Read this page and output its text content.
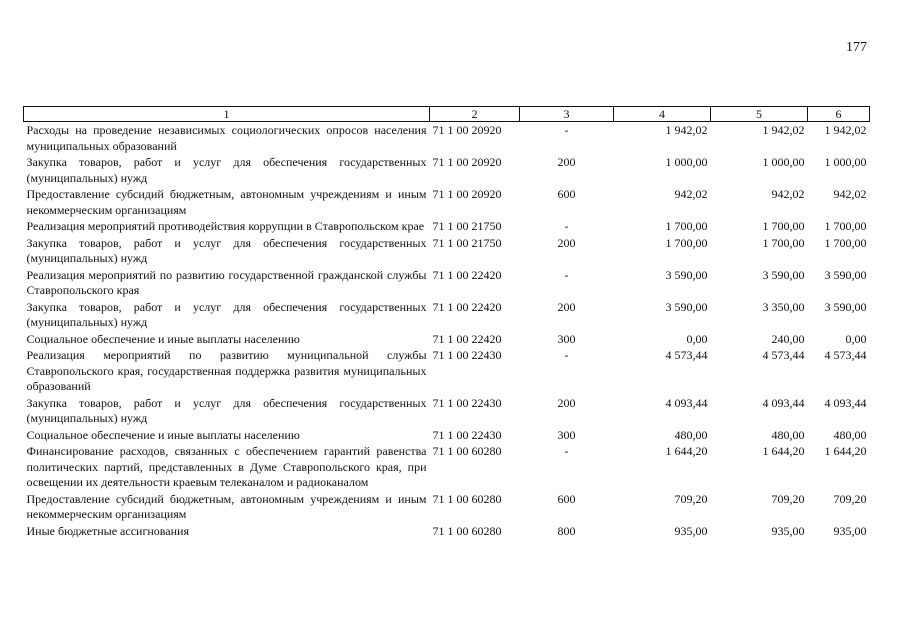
177
1	2	3	4	5	6
Расходы на проведение независимых социологических опросов населения муниципальных образований	71 1 00 20920	-	1 942,02	1 942,02	1 942,02
Закупка товаров, работ и услуг для обеспечения государственных (муниципальных) нужд	71 1 00 20920	200	1 000,00	1 000,00	1 000,00
Предоставление субсидий бюджетным, автономным учреждениям и иным некоммерческим организациям	71 1 00 20920	600	942,02	942,02	942,02
Реализация мероприятий противодействия коррупции в Ставропольском крае	71 1 00 21750	-	1 700,00	1 700,00	1 700,00
Закупка товаров, работ и услуг для обеспечения государственных (муниципальных) нужд	71 1 00 21750	200	1 700,00	1 700,00	1 700,00
Реализация мероприятий по развитию государственной гражданской службы Ставропольского края	71 1 00 22420	-	3 590,00	3 590,00	3 590,00
Закупка товаров, работ и услуг для обеспечения государственных (муниципальных) нужд	71 1 00 22420	200	3 590,00	3 350,00	3 590,00
Социальное обеспечение и иные выплаты населению	71 1 00 22420	300	0,00	240,00	0,00
Реализация мероприятий по развитию муниципальной службы Ставропольского края, государственная поддержка развития муниципальных образований	71 1 00 22430	-	4 573,44	4 573,44	4 573,44
Закупка товаров, работ и услуг для обеспечения государственных (муниципальных) нужд	71 1 00 22430	200	4 093,44	4 093,44	4 093,44
Социальное обеспечение и иные выплаты населению	71 1 00 22430	300	480,00	480,00	480,00
Финансирование расходов, связанных с обеспечением гарантий равенства политических партий, представленных в Думе Ставропольского края, при освещении их деятельности краевым телеканалом и радиоканалом	71 1 00 60280	-	1 644,20	1 644,20	1 644,20
Предоставление субсидий бюджетным, автономным учреждениям и иным некоммерческим организациям	71 1 00 60280	600	709,20	709,20	709,20
Иные бюджетные ассигнования	71 1 00 60280	800	935,00	935,00	935,00
